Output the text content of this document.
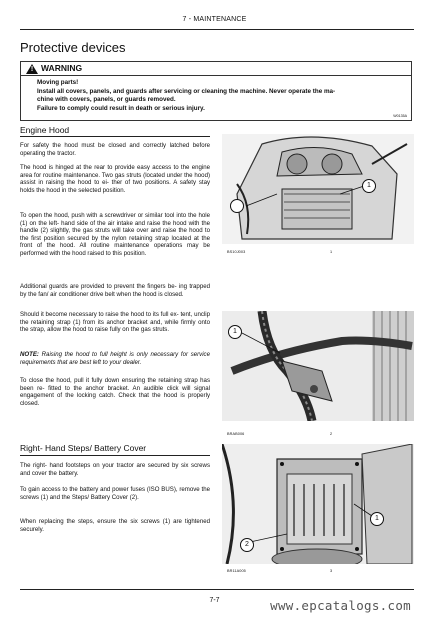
7 - MAINTENANCE
Protective devices
! WARNING
Moving parts!
Install all covers, panels, and guards after servicing or cleaning the machine. Never operate the ma-
chine with covers, panels, or guards removed.
Failure to comply could result in death or serious injury.
W0135A
Engine Hood
For safety the hood must be closed and correctly latched before operating the tractor.
The hood is hinged at the rear to provide easy access to the engine area for routine maintenance. Two gas struts (located under the hood) assist in raising the hood to ei- ther of two positions. A safety stay holds the hood in the selected position.
To open the hood, push with a screwdriver or similar tool into the hole (1) on the left- hand side of the air intake and raise the hood with the handle (2) slightly, the gas struts will take over and raise the hood to the first position secured by the nylon retaining strap located at the front of the hood. All routine maintenance operations may be performed with the hood raised to this position.
Additional guards are provided to prevent the fingers be- ing trapped by the fan/ air conditioner drive belt when the hood is closed.
Should it become necessary to raise the hood to its full ex- tent, unclip the retaining strap (1) from its anchor bracket and, while firmly onto the strap, allow the hood to raise fully on the gas struts.
NOTE: Raising the hood to full height is only necessary for service requirements that are best left to your dealer.
To close the hood, pull it fully down ensuring the retaining strap has been re- fitted to the anchor bracket. An audible click will signal engagement of the locking catch. Check that the hood is properly closed.
1
BS10J003	1
1
BRAB006	2
Right- Hand Steps/ Battery Cover
The right- hand footsteps on your tractor are secured by six screws and cover the battery.
To gain access to the battery and power fuses (ISO BUS), remove the screws (1) and the Steps/ Battery Cover (2).
When replacing the steps, ensure the six screws (1) are tightened securely.
1
2
BR11A005	3
7-7	www.epcatalogs.com
